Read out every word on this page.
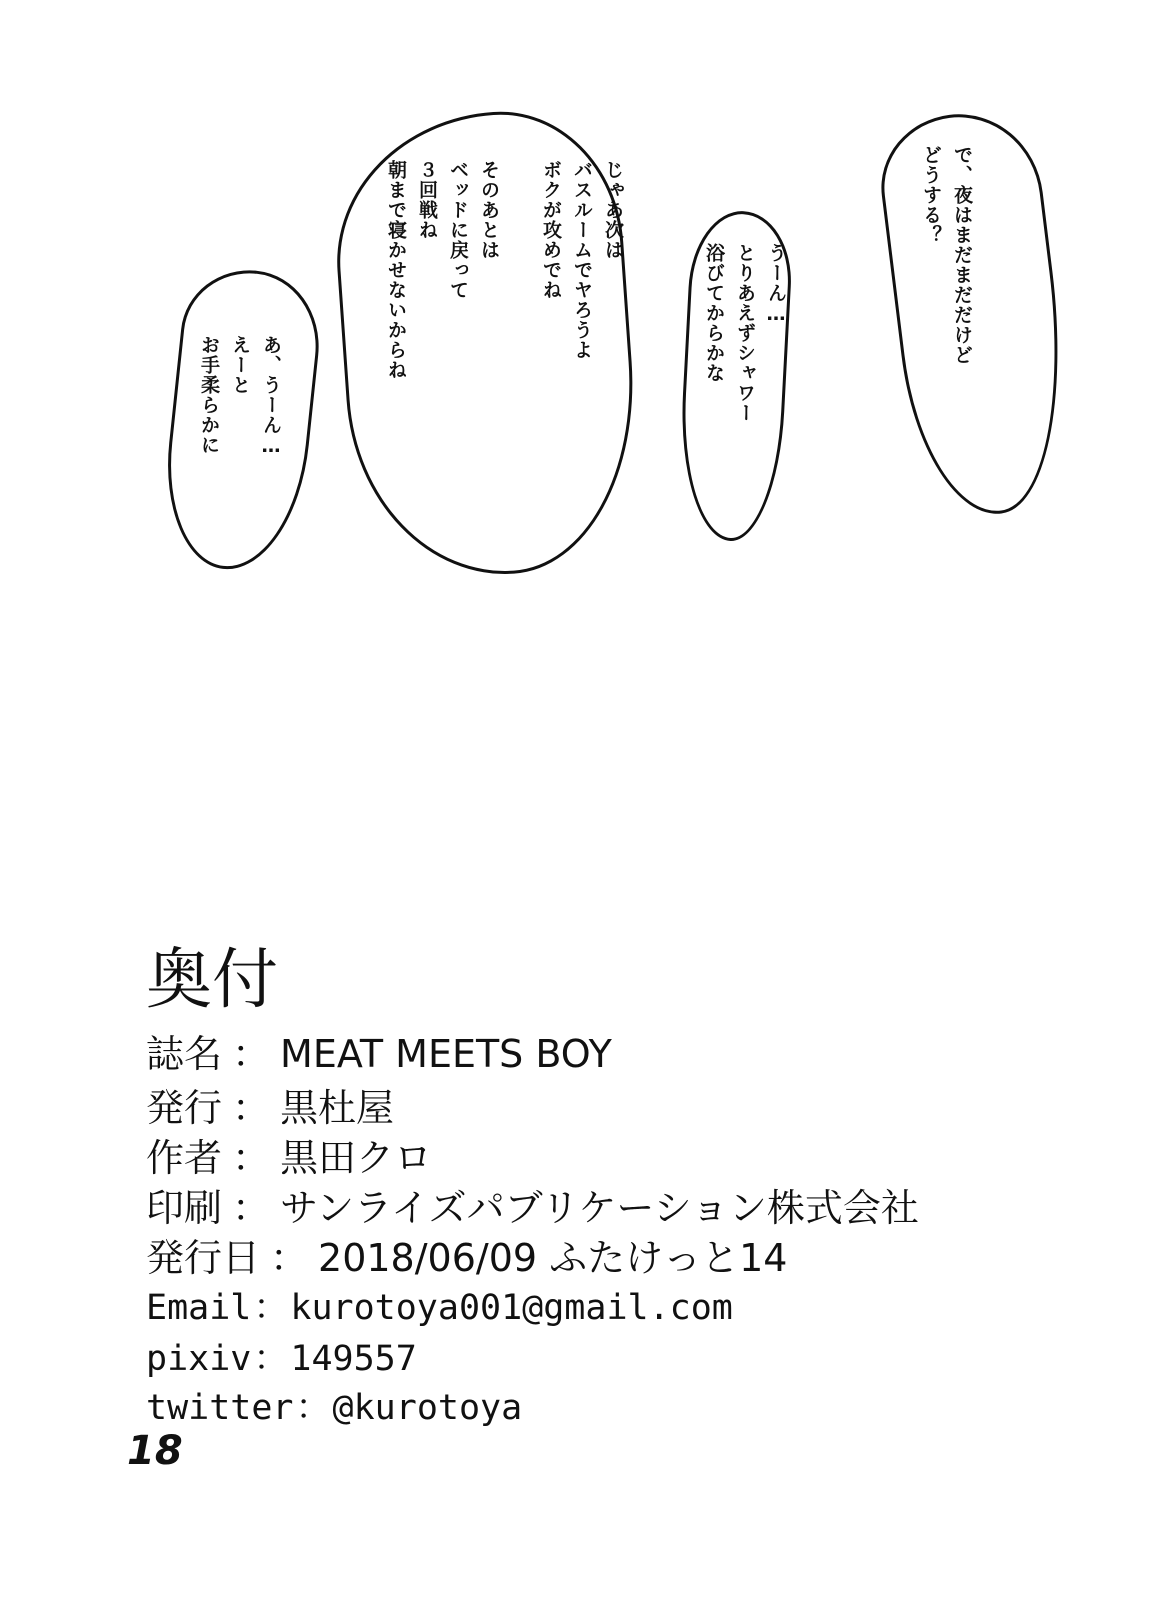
で、夜はまだまだだけど
どうする？
うーん…
とりあえずシャワー
浴びてからかな
じゃあ次は
バスルームでヤろうよ
ボクが攻めでね

そのあとは
ベッドに戻って
３回戦ね
朝まで寝かせないからね
あ、うーん…
えーと
お手柔らかに
奥付
誌名 ： MEAT MEETS BOY
発行 ： 黒杜屋
作者 ： 黒田クロ
印刷 ： サンライズパブリケーション株式会社
発行日 ： 2018/06/09 ふたけっと14
Email：kurotoya001@gmail.com
pixiv：149557
twitter：@kurotoya
18
